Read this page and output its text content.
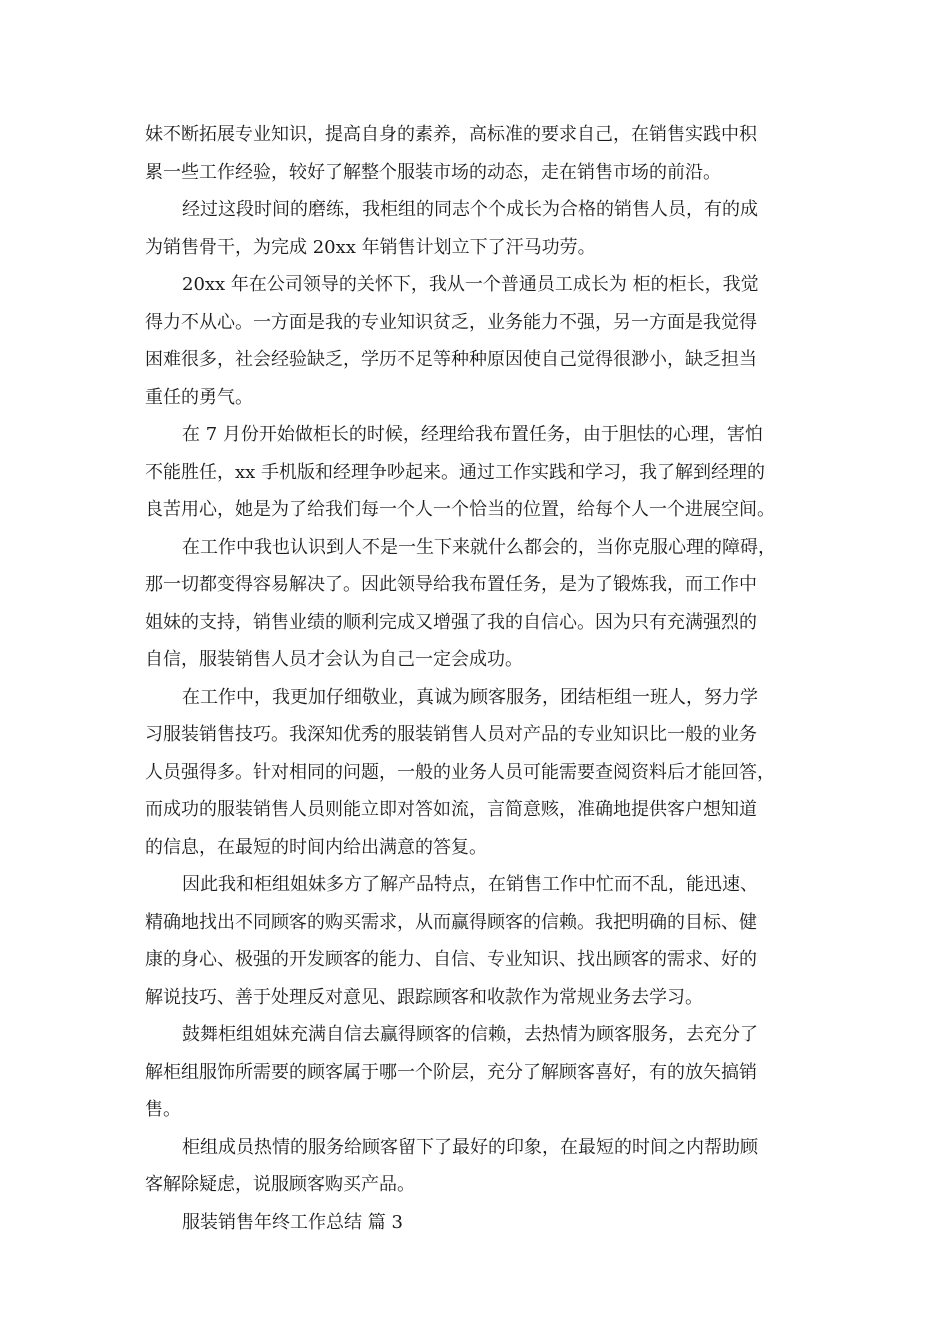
妹不断拓展专业知识，提高自身的素养，高标准的要求自己，在销售实践中积
累一些工作经验，较好了解整个服装市场的动态，走在销售市场的前沿。

经过这段时间的磨练，我柜组的同志个个成长为合格的销售人员，有的成
为销售骨干，为完成 20xx 年销售计划立下了汗马功劳。

20xx 年在公司领导的关怀下，我从一个普通员工成长为 柜的柜长，我觉
得力不从心。一方面是我的专业知识贫乏，业务能力不强，另一方面是我觉得
困难很多，社会经验缺乏，学历不足等种种原因使自己觉得很渺小，缺乏担当
重任的勇气。

在 7 月份开始做柜长的时候，经理给我布置任务，由于胆怯的心理，害怕
不能胜任，xx 手机版和经理争吵起来。通过工作实践和学习，我了解到经理的
良苦用心，她是为了给我们每一个人一个恰当的位置，给每个人一个进展空间。

在工作中我也认识到人不是一生下来就什么都会的，当你克服心理的障碍，
那一切都变得容易解决了。因此领导给我布置任务，是为了锻炼我，而工作中
姐妹的支持，销售业绩的顺利完成又增强了我的自信心。因为只有充满强烈的
自信，服装销售人员才会认为自己一定会成功。

在工作中，我更加仔细敬业，真诚为顾客服务，团结柜组一班人，努力学
习服装销售技巧。我深知优秀的服装销售人员对产品的专业知识比一般的业务
人员强得多。针对相同的问题，一般的业务人员可能需要查阅资料后才能回答，
而成功的服装销售人员则能立即对答如流，言简意赅，准确地提供客户想知道
的信息，在最短的时间内给出满意的答复。

因此我和柜组姐妹多方了解产品特点，在销售工作中忙而不乱，能迅速、
精确地找出不同顾客的购买需求，从而赢得顾客的信赖。我把明确的目标、健
康的身心、极强的开发顾客的能力、自信、专业知识、找出顾客的需求、好的
解说技巧、善于处理反对意见、跟踪顾客和收款作为常规业务去学习。

鼓舞柜组姐妹充满自信去赢得顾客的信赖，去热情为顾客服务，去充分了
解柜组服饰所需要的顾客属于哪一个阶层，充分了解顾客喜好，有的放矢搞销
售。

柜组成员热情的服务给顾客留下了最好的印象，在最短的时间之内帮助顾
客解除疑虑，说服顾客购买产品。

服装销售年终工作总结 篇 3
